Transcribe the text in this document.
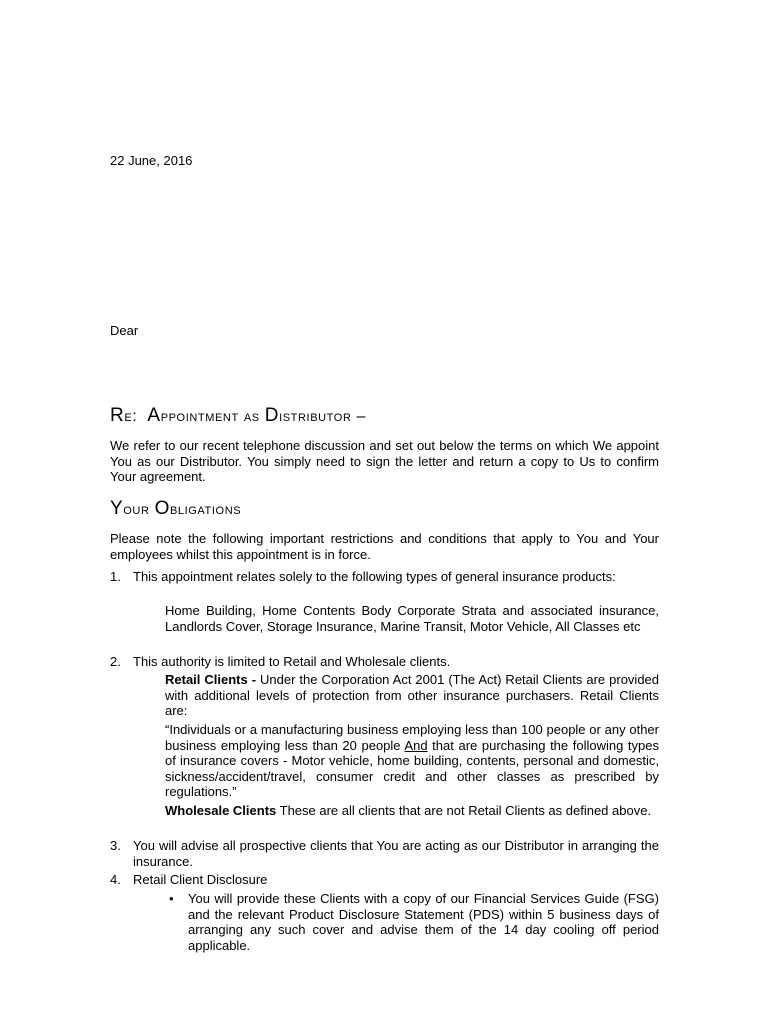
22 June, 2016
Dear
Re: Appointment as Distributor –
We refer to our recent telephone discussion and set out below the terms on which We appoint You as our Distributor. You simply need to sign the letter and return a copy to Us to confirm Your agreement.
Your Obligations
Please note the following important restrictions and conditions that apply to You and Your employees whilst this appointment is in force.
1. This appointment relates solely to the following types of general insurance products:
Home Building, Home Contents Body Corporate Strata and associated insurance, Landlords Cover, Storage Insurance, Marine Transit, Motor Vehicle, All Classes etc
2. This authority is limited to Retail and Wholesale clients.
Retail Clients - Under the Corporation Act 2001 (The Act) Retail Clients are provided with additional levels of protection from other insurance purchasers. Retail Clients are:
“Individuals or a manufacturing business employing less than 100 people or any other business employing less than 20 people And that are purchasing the following types of insurance covers - Motor vehicle, home building, contents, personal and domestic, sickness/accident/travel, consumer credit and other classes as prescribed by regulations.”
Wholesale Clients These are all clients that are not Retail Clients as defined above.
3. You will advise all prospective clients that You are acting as our Distributor in arranging the insurance.
4. Retail Client Disclosure
• You will provide these Clients with a copy of our Financial Services Guide (FSG) and the relevant Product Disclosure Statement (PDS) within 5 business days of arranging any such cover and advise them of the 14 day cooling off period applicable.
